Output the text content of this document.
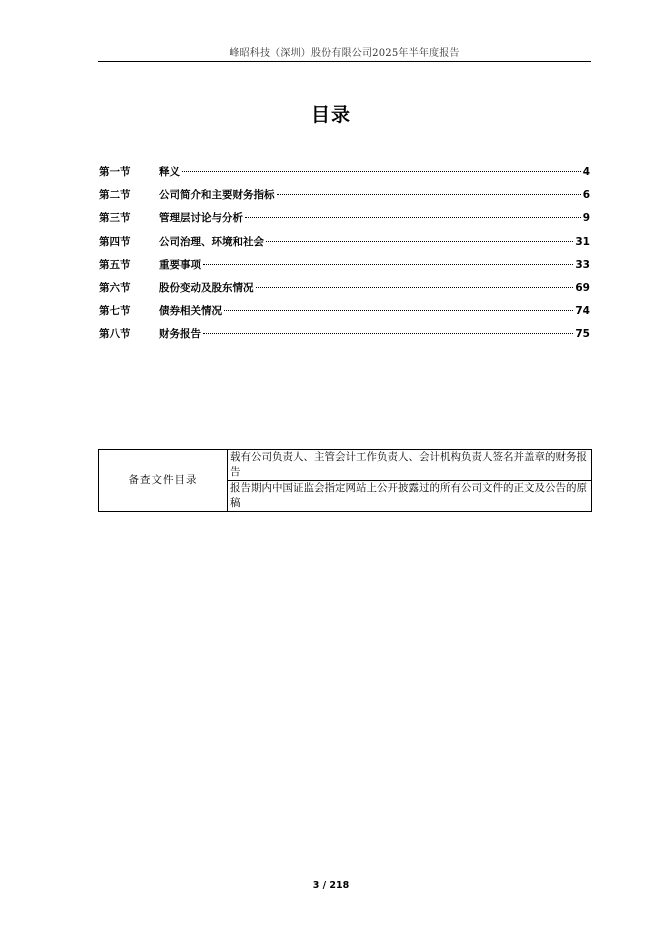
峰昭科技（深圳）股份有限公司2025年半年度报告
目录
第一节	释义	4
第二节	公司简介和主要财务指标	6
第三节	管理层讨论与分析	9
第四节	公司治理、环境和社会	31
第五节	重要事项	33
第六节	股份变动及股东情况	69
第七节	债券相关情况	74
第八节	财务报告	75
备查文件目录	载有公司负责人、主管会计工作负责人、会计机构负责人签名并盖章的财务报告
报告期内中国证监会指定网站上公开披露过的所有公司文件的正文及公告的原稿
3 / 218
